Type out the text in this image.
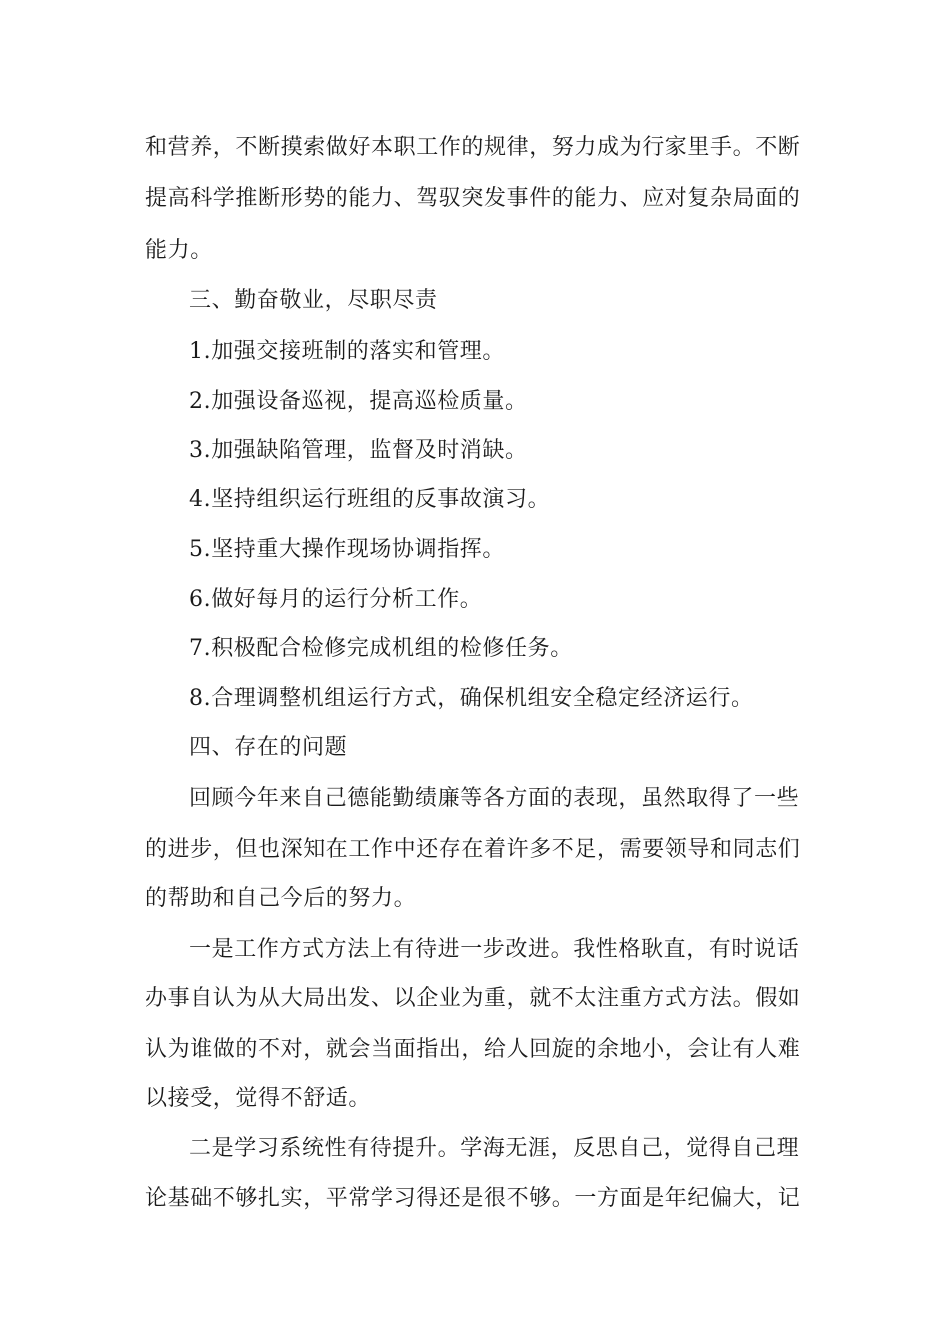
和营养，不断摸索做好本职工作的规律，努力成为行家里手。不断
提高科学推断形势的能力、驾驭突发事件的能力、应对复杂局面的
能力。
三、勤奋敬业，尽职尽责
1.加强交接班制的落实和管理。
2.加强设备巡视，提高巡检质量。
3.加强缺陷管理，监督及时消缺。
4.坚持组织运行班组的反事故演习。
5.坚持重大操作现场协调指挥。
6.做好每月的运行分析工作。
7.积极配合检修完成机组的检修任务。
8.合理调整机组运行方式，确保机组安全稳定经济运行。
四、存在的问题
回顾今年来自己德能勤绩廉等各方面的表现，虽然取得了一些
的进步，但也深知在工作中还存在着许多不足，需要领导和同志们
的帮助和自己今后的努力。
一是工作方式方法上有待进一步改进。我性格耿直，有时说话
办事自认为从大局出发、以企业为重，就不太注重方式方法。假如
认为谁做的不对，就会当面指出，给人回旋的余地小，会让有人难
以接受，觉得不舒适。
二是学习系统性有待提升。学海无涯，反思自己，觉得自己理
论基础不够扎实，平常学习得还是很不够。一方面是年纪偏大，记
